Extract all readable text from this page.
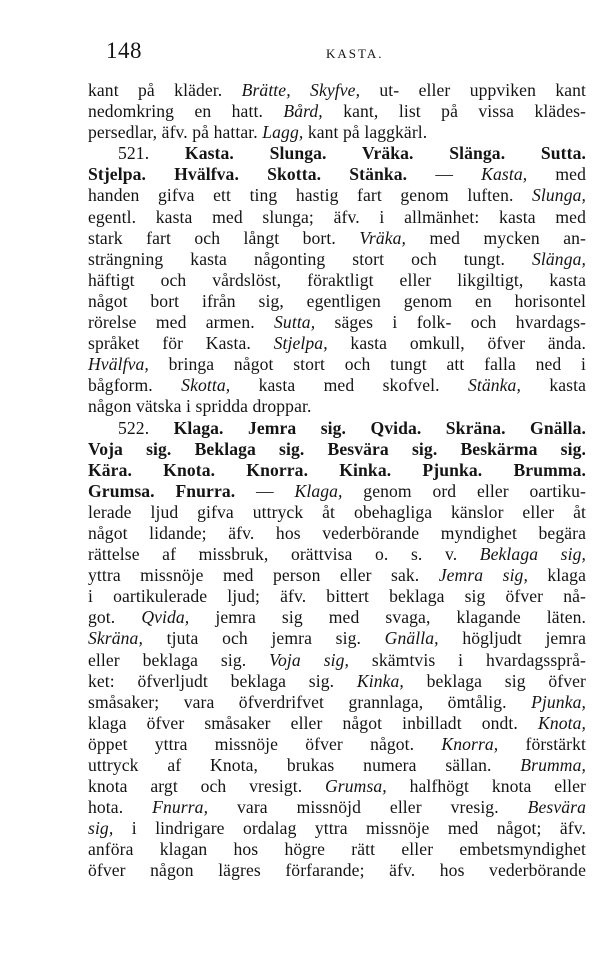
148	KASTA.
kant på kläder. Brätte, Skyfve, ut- eller uppviken kant
nedomkring en hatt. Bård, kant, list på vissa klädes-
persedlar, äfv. på hattar. Lagg, kant på laggkärl.
521. Kasta. Slunga. Vräka. Slänga. Sutta.
Stjelpa. Hvälfva. Skotta. Stänka. — Kasta, med
handen gifva ett ting hastig fart genom luften. Slunga,
egentl. kasta med slunga; äfv. i allmänhet: kasta med
stark fart och långt bort. Vräka, med mycken an-
strängning kasta någonting stort och tungt. Slänga,
häftigt och vårdslöst, föraktligt eller likgiltigt, kasta
något bort ifrån sig, egentligen genom en horisontel
rörelse med armen. Sutta, säges i folk- och hvardags-
språket för Kasta. Stjelpa, kasta omkull, öfver ända.
Hvälfva, bringa något stort och tungt att falla ned i
bågform. Skotta, kasta med skofvel. Stänka, kasta
någon vätska i spridda droppar.
522. Klaga. Jemra sig. Qvida. Skräna. Gnälla.
Voja sig. Beklaga sig. Besvära sig. Beskärma sig.
Kära. Knota. Knorra. Kinka. Pjunka. Brumma.
Grumsa. Fnurra. — Klaga, genom ord eller oartiku-
lerade ljud gifva uttryck åt obehagliga känslor eller åt
något lidande; äfv. hos vederbörande myndighet begära
rättelse af missbruk, orättvisa o. s. v. Beklaga sig,
yttra missnöje med person eller sak. Jemra sig, klaga
i oartikulerade ljud; äfv. bittert beklaga sig öfver nå-
got. Qvida, jemra sig med svaga, klagande läten.
Skräna, tjuta och jemra sig. Gnälla, högljudt jemra
eller beklaga sig. Voja sig, skämtvis i hvardagssprå-
ket: öfverljudt beklaga sig. Kinka, beklaga sig öfver
småsaker; vara öfverdrifvet grannlaga, ömtålig. Pjunka,
klaga öfver småsaker eller något inbilladt ondt. Knota,
öppet yttra missnöje öfver något. Knorra, förstärkt
uttryck af Knota, brukas numera sällan. Brumma,
knota argt och vresigt. Grumsa, halfhögt knota eller
hota. Fnurra, vara missnöjd eller vresig. Besvära
sig, i lindrigare ordalag yttra missnöje med något; äfv.
anföra klagan hos högre rätt eller embetsmyndighet
öfver någon lägres förfarande; äfv. hos vederbörande
